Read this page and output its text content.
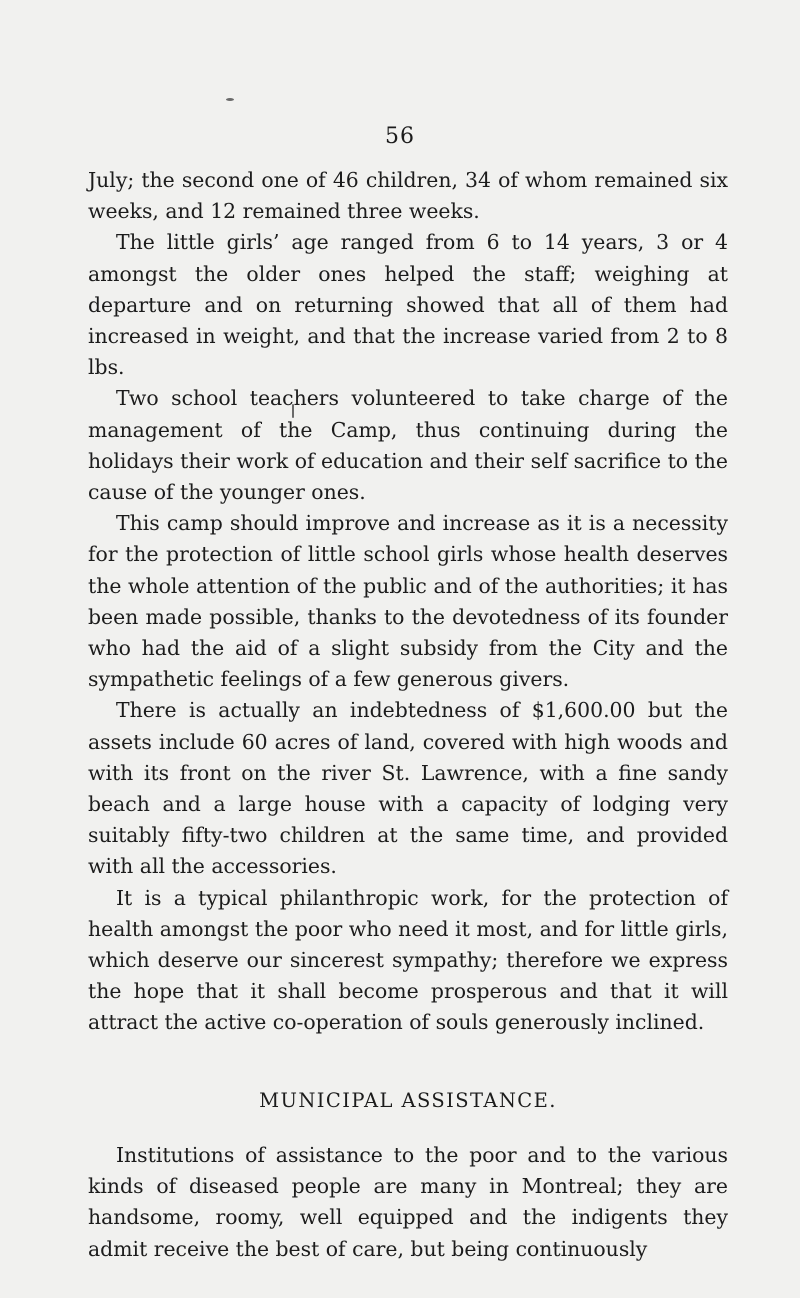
56

July; the second one of 46 children, 34 of whom remained six weeks, and 12 remained three weeks.

The little girls’ age ranged from 6 to 14 years, 3 or 4 amongst the older ones helped the staff; weighing at departure and on returning showed that all of them had increased in weight, and that the increase varied from 2 to 8 lbs.

Two school teachers volunteered to take charge of the management of the Camp, thus continuing during the holidays their work of education and their self sacrifice to the cause of the younger ones.

This camp should improve and increase as it is a necessity for the protection of little school girls whose health deserves the whole attention of the public and of the authorities; it has been made possible, thanks to the devotedness of its founder who had the aid of a slight subsidy from the City and the sympathetic feelings of a few generous givers.

There is actually an indebtedness of $1,600.00 but the assets include 60 acres of land, covered with high woods and with its front on the river St. Lawrence, with a fine sandy beach and a large house with a capacity of lodging very suitably fifty-two children at the same time, and provided with all the accessories.

It is a typical philanthropic work, for the protection of health amongst the poor who need it most, and for little girls, which deserve our sincerest sympathy; therefore we express the hope that it shall become prosperous and that it will attract the active co-operation of souls generously inclined.

MUNICIPAL ASSISTANCE.

Institutions of assistance to the poor and to the various kinds of diseased people are many in Montreal; they are handsome, roomy, well equipped and the indigents they admit receive the best of care, but being continuously
